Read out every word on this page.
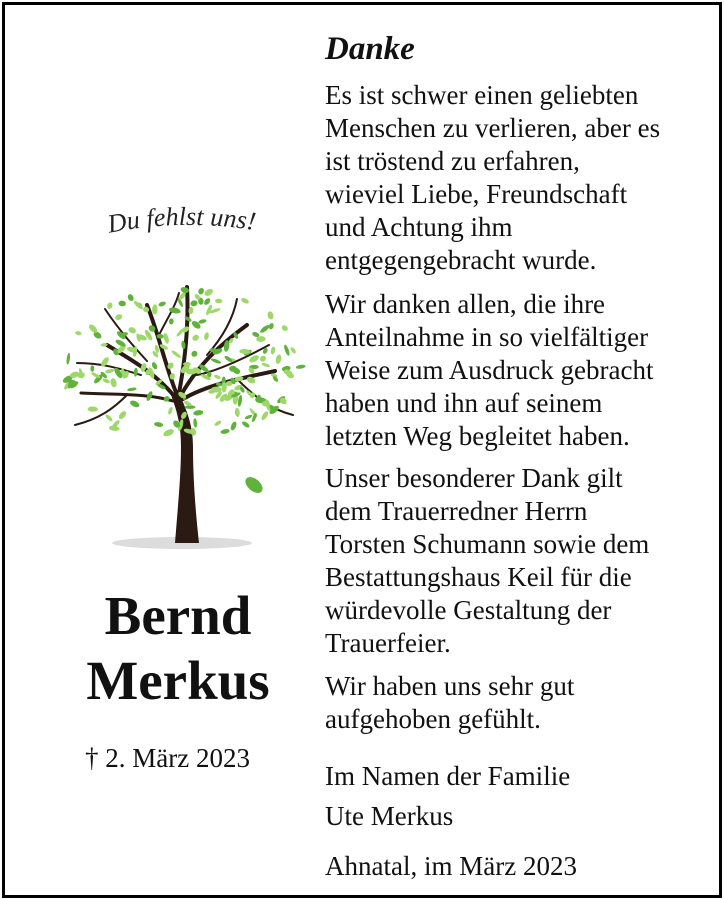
Du fehlst uns!
Bernd
Merkus
† 2. März 2023
Danke

Es ist schwer einen geliebten
Menschen zu verlieren, aber es
ist tröstend zu erfahren,
wieviel Liebe, Freundschaft
und Achtung ihm
entgegengebracht wurde.

Wir danken allen, die ihre
Anteilnahme in so vielfältiger
Weise zum Ausdruck gebracht
haben und ihn auf seinem
letzten Weg begleitet haben.

Unser besonderer Dank gilt
dem Trauerredner Herrn
Torsten Schumann sowie dem
Bestattungshaus Keil für die
würdevolle Gestaltung der
Trauerfeier.

Wir haben uns sehr gut
aufgehoben gefühlt.

Im Namen der Familie
Ute Merkus
Ahnatal, im März 2023
